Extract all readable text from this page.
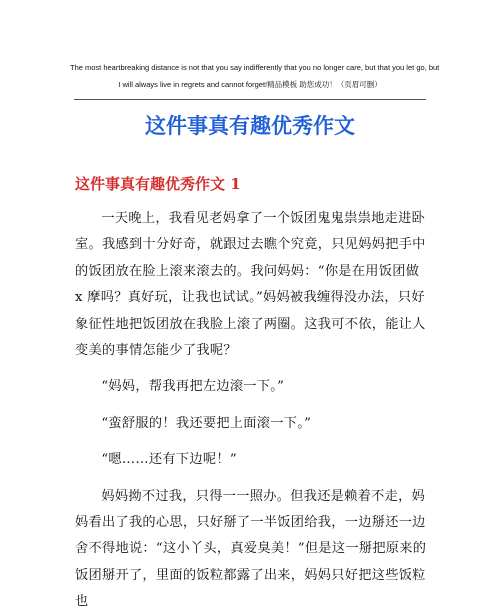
The most heartbreaking distance is not that you say indifferently that you no longer care, but that you let go, but
I will always live in regrets and cannot forget!精品模板 助您成功！（页眉可删）
这件事真有趣优秀作文
这件事真有趣优秀作文 1

一天晚上，我看见老妈拿了一个饭团鬼鬼祟祟地走进卧室。我感到十分好奇，就跟过去瞧个究竟，只见妈妈把手中的饭团放在脸上滚来滚去的。我问妈妈：“你是在用饭团做 x 摩吗？真好玩，让我也试试。”妈妈被我缠得没办法，只好象征性地把饭团放在我脸上滚了两圈。这我可不依，能让人变美的事情怎能少了我呢？

“妈妈，帮我再把左边滚一下。”

“蛮舒服的！我还要把上面滚一下。”

“嗯……还有下边呢！”

妈妈拗不过我，只得一一照办。但我还是赖着不走，妈妈看出了我的心思，只好掰了一半饭团给我，一边掰还一边舍不得地说：“这小丫头，真爱臭美！”但是这一掰把原来的饭团掰开了，里面的饭粒都露了出来，妈妈只好把这些饭粒也
